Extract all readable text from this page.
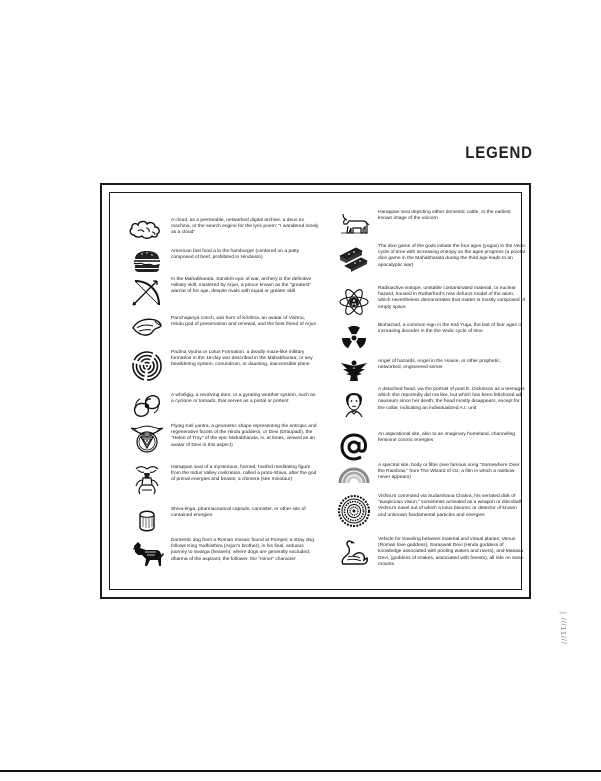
LEGEND
A cloud, as a permeable, networked digital archive, a deus ex machina, or the search engine for the lyric poem: "I wandered lonely as a cloud"
American fast food a la the hamburger (centered on a patty composed of beef, prohibited in Hinduism)
In the Mahabharata, Sanskrit epic of war, archery is the definitive military skill, mastered by Arjun, a prince known as the "greatest" warrior of his age, despite rivals with equal or greater skill
Panchajanya conch, war horn of Krishna, an avatar of Vishnu, Hindu god of preservation and renewal, and the best friend of Arjun
Padma Vyuha or Lotus Formation, a deadly maze-like military formation in the 18-day war described in the Mahabharata; or any bewildering system, conundrum, or daunting, inaccessible plane
A whirligig, a revolving door, or a gyrating weather system, such as a cyclone or tornado, that serves as a portal or portent
Flying Kali yantra, a geometric shape representing the entropic and regenerative facets of the Hindu goddess, or Devi (Draupadi), the "Helen of Troy" of the epic Mahabharata, is, at times, viewed as an avatar of Devi in this aspect)
Harappan seal of a mysterious, horned, hoofed meditating figure from the Indus Valley civilization, called a proto-Shiva, after the god of primal energies and beasts; a chimera (see minotaur)
Shiva-linga, pharmaceutical capsule, cannister, or other site of contained energies
Domestic dog from a Roman mosaic found at Pompei; a stray dog follows King Yudhisthira (Arjun's brother), in his final, arduous journey to swarga (heaven), where dogs are generally excluded; dharma of the aspirant, the follower, the "minor" character
Harappan seal depicting either domestic cattle, or the earliest known image of the unicorn
The dice game of the gods initiate the four ages (yugas) in the Vedic cycle of time with increasing entropy as the ages progress (a pivotal dice game in the Mahabharata during the third age leads to an apocalyptic war)
Radioactive isotope, unstable contaminated material, or nuclear hazard, housed in Rutherford's now defunct model of the atom, which nevertheless demonstrates that matter is mostly composed of empty space
Biohazard, a common sign in the Kali Yuga, the last of four ages of increasing disorder in the the Vedic cycle of time
Angel of hazards, Angel in the House, or other prophetic, networked, engineered server
A detached head, via the portrait of poet E. Dickinson as a teenager, which she reportedly did not like, but which has been fetishized ad nauseum since her death; the head mostly disappears, except for the collar, indicating an individualized A.I. unit
An aspirational site, akin to an imaginary homeland, channeling feminine cosmic energies
A spectral site, body or filter (see famous song "Somewhere Over the Rainbow," from The Wizard of Oz, a film in which a rainbow never appears)
Vishnu's command via Sudarshana Chakra, his serrated disk of "auspicious vision," sometimes activated as a weapon or discoball; Vishnu's navel out of which a lotus blooms; or detector of known and unknown fundamental particles and energies
Vehicle for traveling between material and virtual planes; Venus (Roman love goddess), Saraswati Devi (Hindu goddess of knowledge associated with pooling waters and rivers), and Manasa Devi, (goddess of snakes, associated with forests), all ride on swan mounts
| ///11///
